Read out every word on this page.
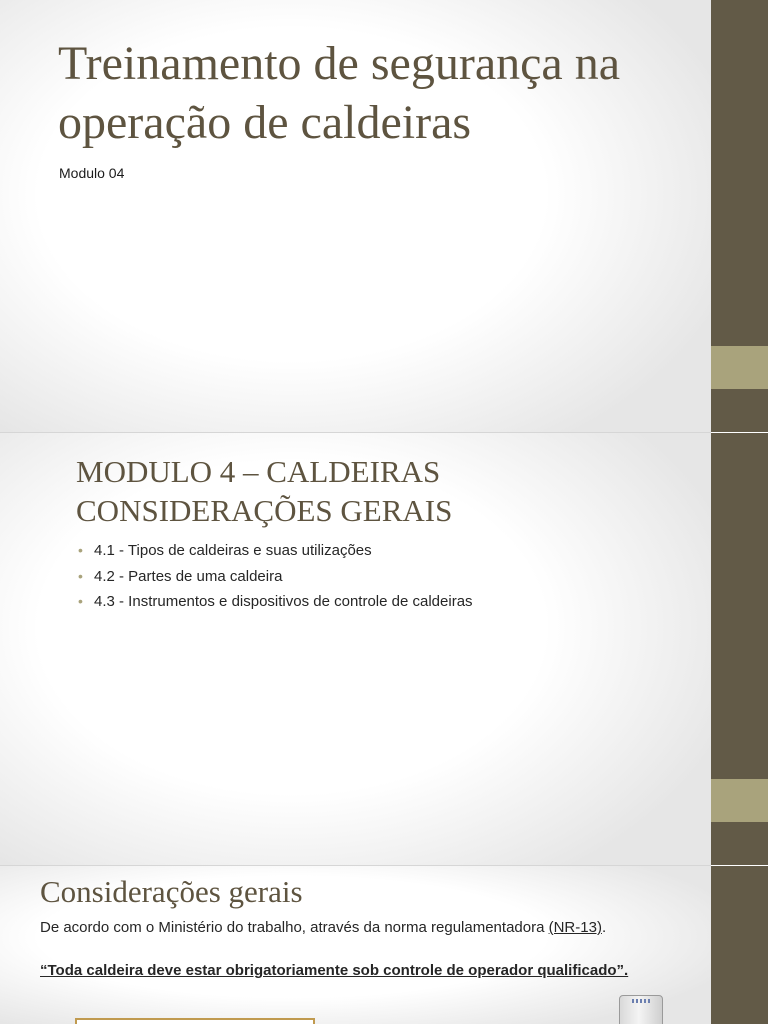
Treinamento de segurança na operação de caldeiras

Modulo 04

MODULO 4 – CALDEIRAS CONSIDERAÇÕES GERAIS
• 4.1 - Tipos de caldeiras e suas utilizações
• 4.2 - Partes de uma caldeira
• 4.3 - Instrumentos e dispositivos de controle de caldeiras
Considerações gerais

De acordo com o Ministério do trabalho, através da norma regulamentadora (NR-13).

“Toda caldeira deve estar obrigatoriamente sob controle de operador qualificado”.
